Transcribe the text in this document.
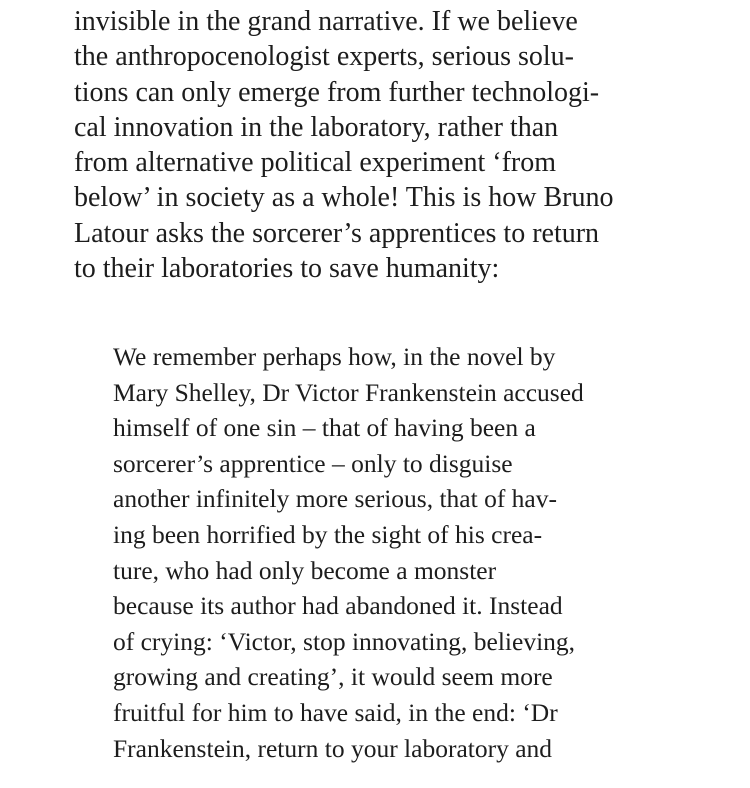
invisible in the grand narrative. If we believe
the anthropocenologist experts, serious solu-
tions can only emerge from further technologi-
cal innovation in the laboratory, rather than
from alternative political experiment ‘from
below’ in society as a whole! This is how Bruno
Latour asks the sorcerer’s apprentices to return
to their laboratories to save humanity:
We remember perhaps how, in the novel by
Mary Shelley, Dr Victor Frankenstein accused
himself of one sin – that of having been a
sorcerer’s apprentice – only to disguise
another infinitely more serious, that of hav-
ing been horrified by the sight of his crea-
ture, who had only become a monster
because its author had abandoned it. Instead
of crying: ‘Victor, stop innovating, believing,
growing and creating’, it would seem more
fruitful for him to have said, in the end: ‘Dr
Frankenstein, return to your laboratory and
